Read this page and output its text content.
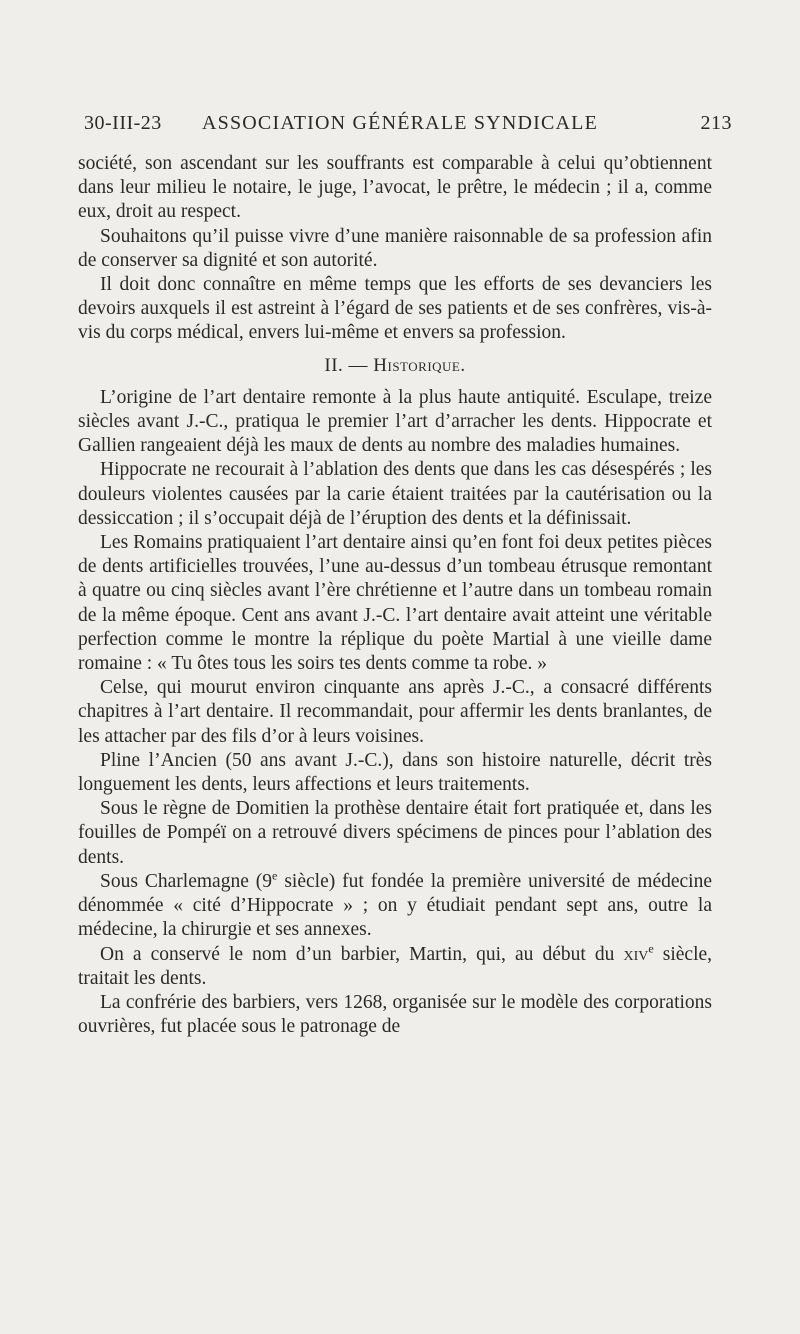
30-III-23 ASSOCIATION GÉNÉRALE SYNDICALE	213

société, son ascendant sur les souffrants est comparable à celui qu’obtiennent dans leur milieu le notaire, le juge, l’avocat, le prêtre, le médecin ; il a, comme eux, droit au respect.

Souhaitons qu’il puisse vivre d’une manière raisonnable de sa profession afin de conserver sa dignité et son autorité.

Il doit donc connaître en même temps que les efforts de ses devanciers les devoirs auxquels il est astreint à l’égard de ses patients et de ses confrères, vis-à-vis du corps médical, envers lui-même et envers sa profession.

II. — Historique.

L’origine de l’art dentaire remonte à la plus haute antiquité. Esculape, treize siècles avant J.-C., pratiqua le premier l’art d’arracher les dents. Hippocrate et Gallien rangeaient déjà les maux de dents au nombre des maladies humaines.

Hippocrate ne recourait à l’ablation des dents que dans les cas désespérés ; les douleurs violentes causées par la carie étaient traitées par la cautérisation ou la dessiccation ; il s’occupait déjà de l’éruption des dents et la définissait.

Les Romains pratiquaient l’art dentaire ainsi qu’en font foi deux petites pièces de dents artificielles trouvées, l’une au-dessus d’un tombeau étrusque remontant à quatre ou cinq siècles avant l’ère chrétienne et l’autre dans un tombeau romain de la même époque. Cent ans avant J.-C. l’art dentaire avait atteint une véritable perfection comme le montre la réplique du poète Martial à une vieille dame romaine : « Tu ôtes tous les soirs tes dents comme ta robe. »

Celse, qui mourut environ cinquante ans après J.-C., a consacré différents chapitres à l’art dentaire. Il recommandait, pour affermir les dents branlantes, de les attacher par des fils d’or à leurs voisines.

Pline l’Ancien (50 ans avant J.-C.), dans son histoire naturelle, décrit très longuement les dents, leurs affections et leurs traitements.

Sous le règne de Domitien la prothèse dentaire était fort pratiquée et, dans les fouilles de Pompéï on a retrouvé divers spécimens de pinces pour l’ablation des dents.

Sous Charlemagne (9e siècle) fut fondée la première université de médecine dénommée « cité d’Hippocrate » ; on y étudiait pendant sept ans, outre la médecine, la chirurgie et ses annexes.

On a conservé le nom d’un barbier, Martin, qui, au début du xiv$^e$ siècle, traitait les dents.

La confrérie des barbiers, vers 1268, organisée sur le modèle des corporations ouvrières, fut placée sous le patronage de
